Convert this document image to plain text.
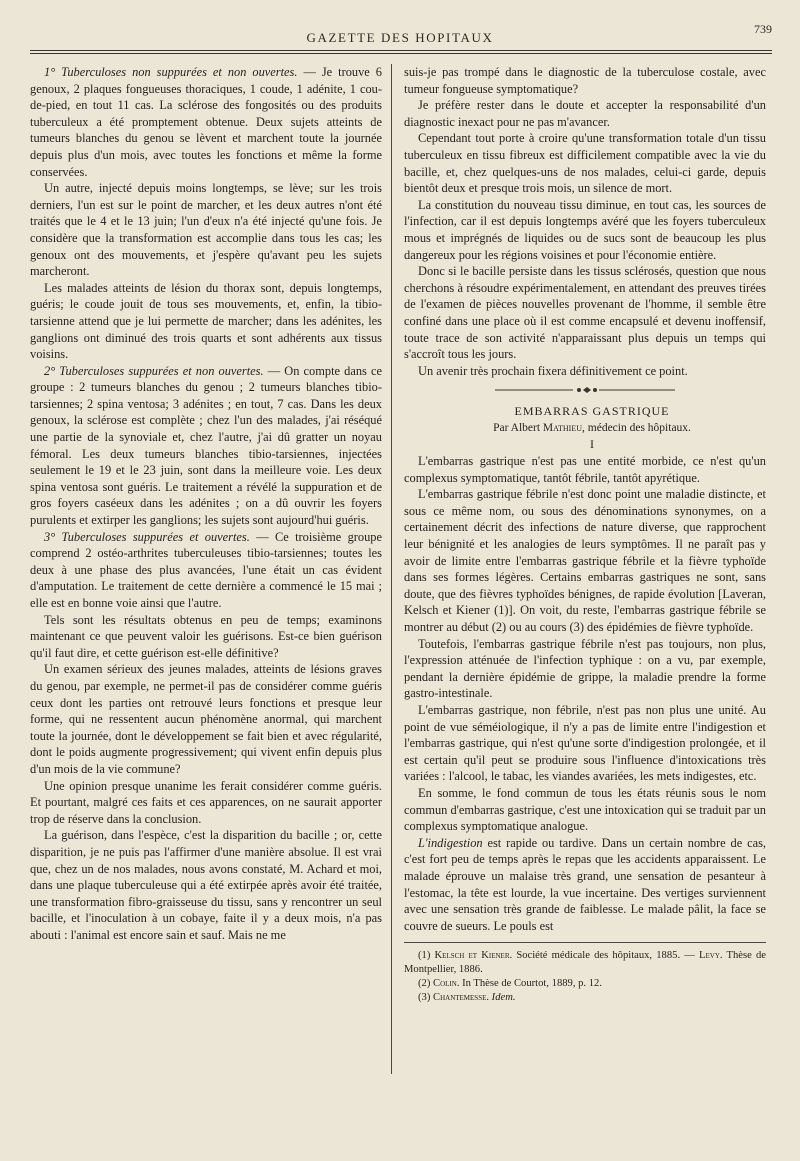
GAZETTE DES HOPITAUX
739

1° Tuberculoses non suppurées et non ouvertes. — Je trouve 6 genoux, 2 plaques fongueuses thoraciques, 1 coude, 1 adénite, 1 cou-de-pied, en tout 11 cas. La sclérose des fongosités ou des produits tuberculeux a été promptement obtenue. Deux sujets atteints de tumeurs blanches du genou se lèvent et marchent toute la journée depuis plus d'un mois, avec toutes les fonctions et même la forme conservées.

Un autre, injecté depuis moins longtemps, se lève; sur les trois derniers, l'un est sur le point de marcher, et les deux autres n'ont été traités que le 4 et le 13 juin; l'un d'eux n'a été injecté qu'une fois. Je considère que la transformation est accomplie dans tous les cas; les genoux ont des mouvements, et j'espère qu'avant peu les sujets marcheront.

Les malades atteints de lésion du thorax sont, depuis longtemps, guéris; le coude jouit de tous ses mouvements, et, enfin, la tibio-tarsienne attend que je lui permette de marcher; dans les adénites, les ganglions ont diminué des trois quarts et sont adhérents aux tissus voisins.

2° Tuberculoses suppurées et non ouvertes. — On compte dans ce groupe : 2 tumeurs blanches du genou ; 2 tumeurs blanches tibio-tarsiennes; 2 spina ventosa; 3 adénites ; en tout, 7 cas. Dans les deux genoux, la sclérose est complète ; chez l'un des malades, j'ai réséqué une partie de la synoviale et, chez l'autre, j'ai dû gratter un noyau fémoral. Les deux tumeurs blanches tibio-tarsiennes, injectées seulement le 19 et le 23 juin, sont dans la meilleure voie. Les deux spina ventosa sont guéris. Le traitement a révélé la suppuration et de gros foyers caséeux dans les adénites ; on a dû ouvrir les foyers purulents et extirper les ganglions; les sujets sont aujourd'hui guéris.

3° Tuberculoses suppurées et ouvertes. — Ce troisième groupe comprend 2 ostéo-arthrites tuberculeuses tibio-tarsiennes; toutes les deux à une phase des plus avancées, l'une était un cas évident d'amputation. Le traitement de cette dernière a commencé le 15 mai ; elle est en bonne voie ainsi que l'autre.

Tels sont les résultats obtenus en peu de temps; examinons maintenant ce que peuvent valoir les guérisons. Est-ce bien guérison qu'il faut dire, et cette guérison est-elle définitive?

Un examen sérieux des jeunes malades, atteints de lésions graves du genou, par exemple, ne permet-il pas de considérer comme guéris ceux dont les parties ont retrouvé leurs fonctions et presque leur forme, qui ne ressentent aucun phénomène anormal, qui marchent toute la journée, dont le développement se fait bien et avec régularité, dont le poids augmente progressivement; qui vivent enfin depuis plus d'un mois de la vie commune?

Une opinion presque unanime les ferait considérer comme guéris. Et pourtant, malgré ces faits et ces apparences, on ne saurait apporter trop de réserve dans la conclusion.

La guérison, dans l'espèce, c'est la disparition du bacille ; or, cette disparition, je ne puis pas l'affirmer d'une manière absolue. Il est vrai que, chez un de nos malades, nous avons constaté, M. Achard et moi, dans une plaque tuberculeuse qui a été extirpée après avoir été traitée, une transformation fibro-graisseuse du tissu, sans y rencontrer un seul bacille, et l'inoculation à un cobaye, faite il y a deux mois, n'a pas abouti : l'animal est encore sain et sauf. Mais ne me

suis-je pas trompé dans le diagnostic de la tuberculose costale, avec tumeur fongueuse symptomatique?

Je préfère rester dans le doute et accepter la responsabilité d'un diagnostic inexact pour ne pas m'avancer.

Cependant tout porte à croire qu'une transformation totale d'un tissu tuberculeux en tissu fibreux est difficilement compatible avec la vie du bacille, et, chez quelques-uns de nos malades, celui-ci garde, depuis bientôt deux et presque trois mois, un silence de mort.

La constitution du nouveau tissu diminue, en tout cas, les sources de l'infection, car il est depuis longtemps avéré que les foyers tuberculeux mous et imprégnés de liquides ou de sucs sont de beaucoup les plus dangereux pour les régions voisines et pour l'économie entière.

Donc si le bacille persiste dans les tissus sclérosés, question que nous cherchons à résoudre expérimentalement, en attendant des preuves tirées de l'examen de pièces nouvelles provenant de l'homme, il semble être confiné dans une place où il est comme encapsulé et devenu inoffensif, toute trace de son activité n'apparaissant plus depuis un temps qui s'accroît tous les jours.

Un avenir très prochain fixera définitivement ce point.

EMBARRAS GASTRIQUE

Par Albert Mathieu, médecin des hôpitaux.

I

L'embarras gastrique n'est pas une entité morbide, ce n'est qu'un complexus symptomatique, tantôt fébrile, tantôt apyrétique.

L'embarras gastrique fébrile n'est donc point une maladie distincte, et sous ce même nom, ou sous des dénominations synonymes, on a certainement décrit des infections de nature diverse, que rapprochent leur bénignité et les analogies de leurs symptômes. Il ne paraît pas y avoir de limite entre l'embarras gastrique fébrile et la fièvre typhoïde dans ses formes légères. Certains embarras gastriques ne sont, sans doute, que des fièvres typhoïdes bénignes, de rapide évolution [Laveran, Kelsch et Kiener (1)]. On voit, du reste, l'embarras gastrique fébrile se montrer au début (2) ou au cours (3) des épidémies de fièvre typhoïde.

Toutefois, l'embarras gastrique fébrile n'est pas toujours, non plus, l'expression atténuée de l'infection typhique : on a vu, par exemple, pendant la dernière épidémie de grippe, la maladie prendre la forme gastro-intestinale.

L'embarras gastrique, non fébrile, n'est pas non plus une unité. Au point de vue séméiologique, il n'y a pas de limite entre l'indigestion et l'embarras gastrique, qui n'est qu'une sorte d'indigestion prolongée, et il est certain qu'il peut se produire sous l'influence d'intoxications très variées : l'alcool, le tabac, les viandes avariées, les mets indigestes, etc.

En somme, le fond commun de tous les états réunis sous le nom commun d'embarras gastrique, c'est une intoxication qui se traduit par un complexus symptomatique analogue.

L'indigestion est rapide ou tardive. Dans un certain nombre de cas, c'est fort peu de temps après le repas que les accidents apparaissent. Le malade éprouve un malaise très grand, une sensation de pesanteur à l'estomac, la tête est lourde, la vue incertaine. Des vertiges surviennent avec une sensation très grande de faiblesse. Le malade pâlit, la face se couvre de sueurs. Le pouls est

(1) Kelsch et Kiener. Société médicale des hôpitaux, 1885. — Levy. Thèse de Montpellier, 1886.

(2) Colin. In Thèse de Courtot, 1889, p. 12.

(3) Chantemesse. Idem.
